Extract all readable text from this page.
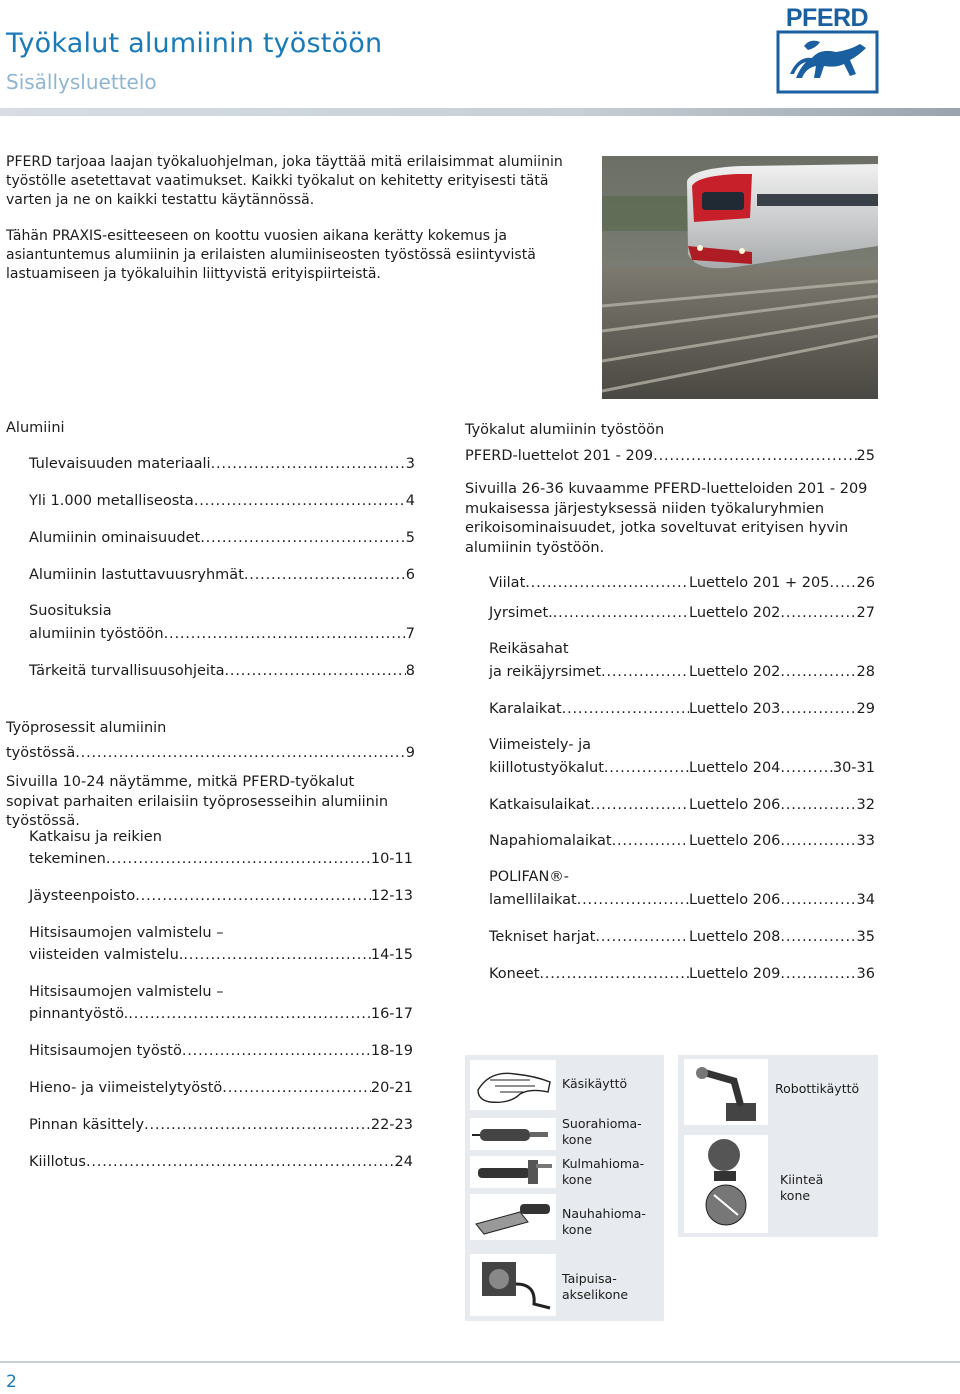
Työkalut alumiinin työstöön
Sisällysluettelo
PFERD
PFERD tarjoaa laajan työkaluohjelman, joka täyttää mitä erilaisimmat alumiinin työstölle asetettavat vaatimukset. Kaikki työkalut on kehitetty erityisesti tätä varten ja ne on kaikki testattu käytännössä.
Tähän PRAXIS-esitteeseen on koottu vuosien aikana kerätty kokemus ja asiantuntemus alumiinin ja erilaisten alumiiniseosten työstössä esiintyvistä lastuamiseen ja työkaluihin liittyvistä erityispiirteistä.
Alumiini
Tulevaisuuden materiaali . . .	3
Yli 1.000 metalliseosta . . .	4
Alumiinin ominaisuudet . . .	5
Alumiinin lastuttavuusryhmät . . .	6
Suosituksia
alumiinin työstöön . . .	7
Tärkeitä turvallisuusohjeita . . .	8
Työprosessit alumiinin
työstössä . . .	9
Sivuilla 10-24 näytämme, mitkä PFERD-työkalut sopivat parhaiten erilaisiin työprosesseihin alumiinin työstössä.
Katkaisu ja reikien
tekeminen . . .	10-11
Jäysteenpoisto . . .	12-13
Hitsisaumojen valmistelu –
viisteiden valmistelu. . . .	14-15
Hitsisaumojen valmistelu –
pinnantyöstö. . . .	16-17
Hitsisaumojen työstö . . .	18-19
Hieno- ja viimeistelytyöstö . . .	20-21
Pinnan käsittely . . .	22-23
Kiillotus . . .	24
Työkalut alumiinin työstöön
PFERD-luettelot 201 - 209 . . .	25
Sivuilla 26-36 kuvaamme PFERD-luetteloiden 201 - 209 mukaisessa järjestyksessä niiden työkaluryhmien erikoisominaisuudet, jotka soveltuvat erityisen hyvin alumiinin työstöön.
Viilat . . .	Luettelo 201 + 205 . . . 26
Jyrsimet. . . .	Luettelo 202 . . .	27
Reikäsahat
ja reikäjyrsimet . . .	Luettelo 202 . . .	28
Karalaikat . . .	Luettelo 203 . . .	29
Viimeistely- ja
kiillotustyökalut . . .	Luettelo 204 . . .	30-31
Katkaisulaikat . . .	Luettelo 206 . . .	32
Napahiomalaikat . . .	Luettelo 206 . . .	33
POLIFAN®-
lamellilaikat . . .	Luettelo 206 . . .	34
Tekniset harjat . . .	Luettelo 208 . . .	35
Koneet . . .	Luettelo 209 . . .	36
Käsikäyttö
Suorahioma-kone
Kulmahioma-kone
Nauhahioma-kone
Taipuisa-akselikone
Robottikäyttö
Kiinteä kone
2
